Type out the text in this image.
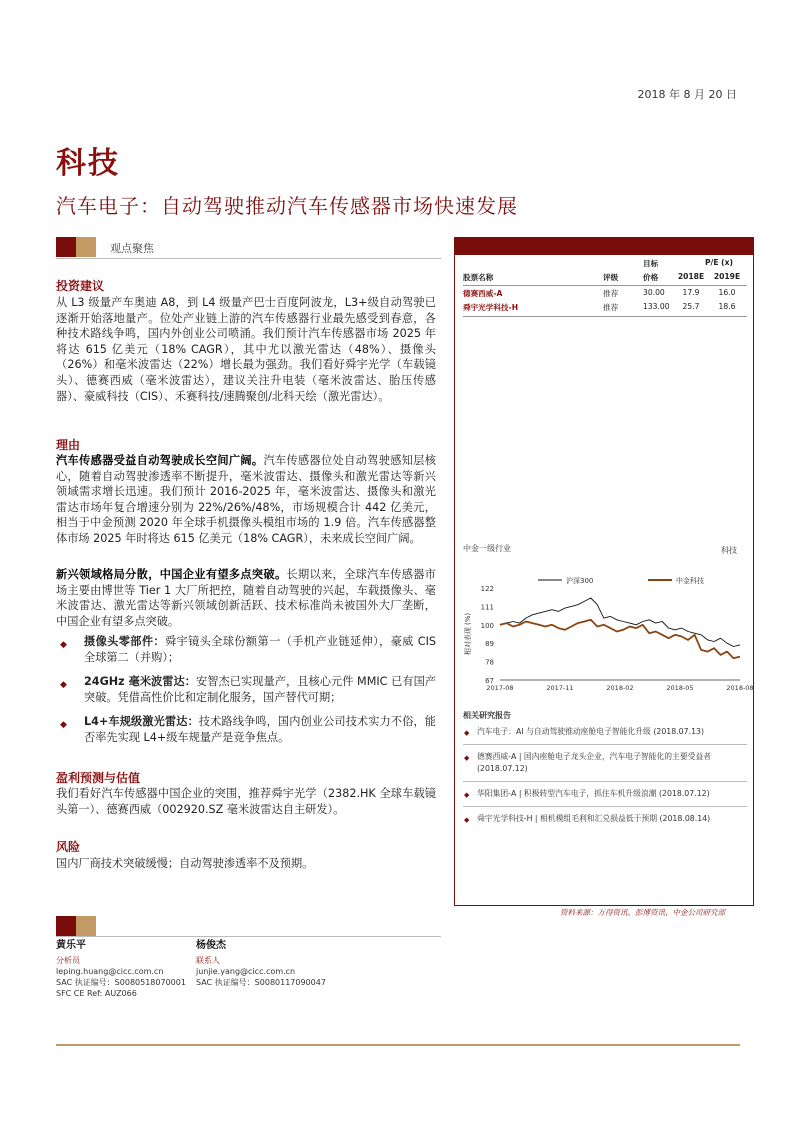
2018 年 8 月 20 日
科技
汽车电子：自动驾驶推动汽车传感器市场快速发展
观点聚焦
投资建议
从 L3 级量产车奥迪 A8，到 L4 级量产巴士百度阿波龙，L3+级自动驾驶已逐渐开始落地量产。位处产业链上游的汽车传感器行业最先感受到春意，各种技术路线争鸣，国内外创业公司喷涌。我们预计汽车传感器市场 2025 年将达 615 亿美元（18% CAGR），其中尤以激光雷达（48%）、摄像头（26%）和毫米波雷达（22%）增长最为强劲。我们看好舜宇光学（车载镜头）、德赛西威（毫米波雷达），建议关注升电装（毫米波雷达、胎压传感器）、豪威科技（CIS）、禾赛科技/速腾聚创/北科天绘（激光雷达）。
理由
汽车传感器受益自动驾驶成长空间广阔。汽车传感器位处自动驾驶感知层核心，随着自动驾驶渗透率不断提升，毫米波雷达、摄像头和激光雷达等新兴领域需求增长迅速。我们预计 2016-2025 年，毫米波雷达、摄像头和激光雷达市场年复合增速分别为 22%/26%/48%，市场规模合计 442 亿美元，相当于中金预测 2020 年全球手机摄像头模组市场的 1.9 倍。汽车传感器整体市场 2025 年时将达 615 亿美元（18% CAGR），未来成长空间广阔。
新兴领域格局分散，中国企业有望多点突破。长期以来，全球汽车传感器市场主要由博世等 Tier 1 大厂所把控，随着自动驾驶的兴起，车载摄像头、毫米波雷达、激光雷达等新兴领域创新活跃、技术标准尚未被国外大厂垄断，中国企业有望多点突破。
◆ 摄像头零部件：舜宇镜头全球份额第一（手机产业链延伸），豪威 CIS 全球第二（并购）；
◆ 24GHz 毫米波雷达：安智杰已实现量产，且核心元件 MMIC 已有国产突破。凭借高性价比和定制化服务，国产替代可期；
◆ L4+车规级激光雷达：技术路线争鸣，国内创业公司技术实力不俗，能否率先实现 L4+级车规量产是竞争焦点。
盈利预测与估值
我们看好汽车传感器中国企业的突围，推荐舜宇光学（2382.HK 全球车载镜头第一）、德赛西威（002920.SZ 毫米波雷达自主研发）。
风险
国内厂商技术突破缓慢；自动驾驶渗透率不及预期。
目标	P/E (x)
股票名称	评级	价格	2018E	2019E
德赛西威-A	推荐	30.00	17.9	16.0
舜宇光学科技-H	推荐	133.00	25.7	18.6
中金一级行业	科技
122
111
100
89
78
67
相对表现 (%)
2017-08	2017-11	2018-02	2018-05	2018-08
沪深300	中金科技
相关研究报告
◆ 汽车电子：AI 与自动驾驶推动座舱电子智能化升级 (2018.07.13)
◆ 德赛西威-A | 国内座舱电子龙头企业，汽车电子智能化的主要受益者 (2018.07.12)
◆ 华阳集团-A | 积极转型汽车电子，抓住车机升级浪潮 (2018.07.12)
◆ 舜宇光学科技-H | 相机模组毛利和汇兑损益低于预期 (2018.08.14)
资料来源：万得资讯、彭博资讯、中金公司研究部
黄乐平
分析员
leping.huang@cicc.com.cn
SAC 执证编号：S0080518070001
SFC CE Ref: AUZ066
杨俊杰
联系人
junjie.yang@cicc.com.cn
SAC 执证编号：S0080117090047
